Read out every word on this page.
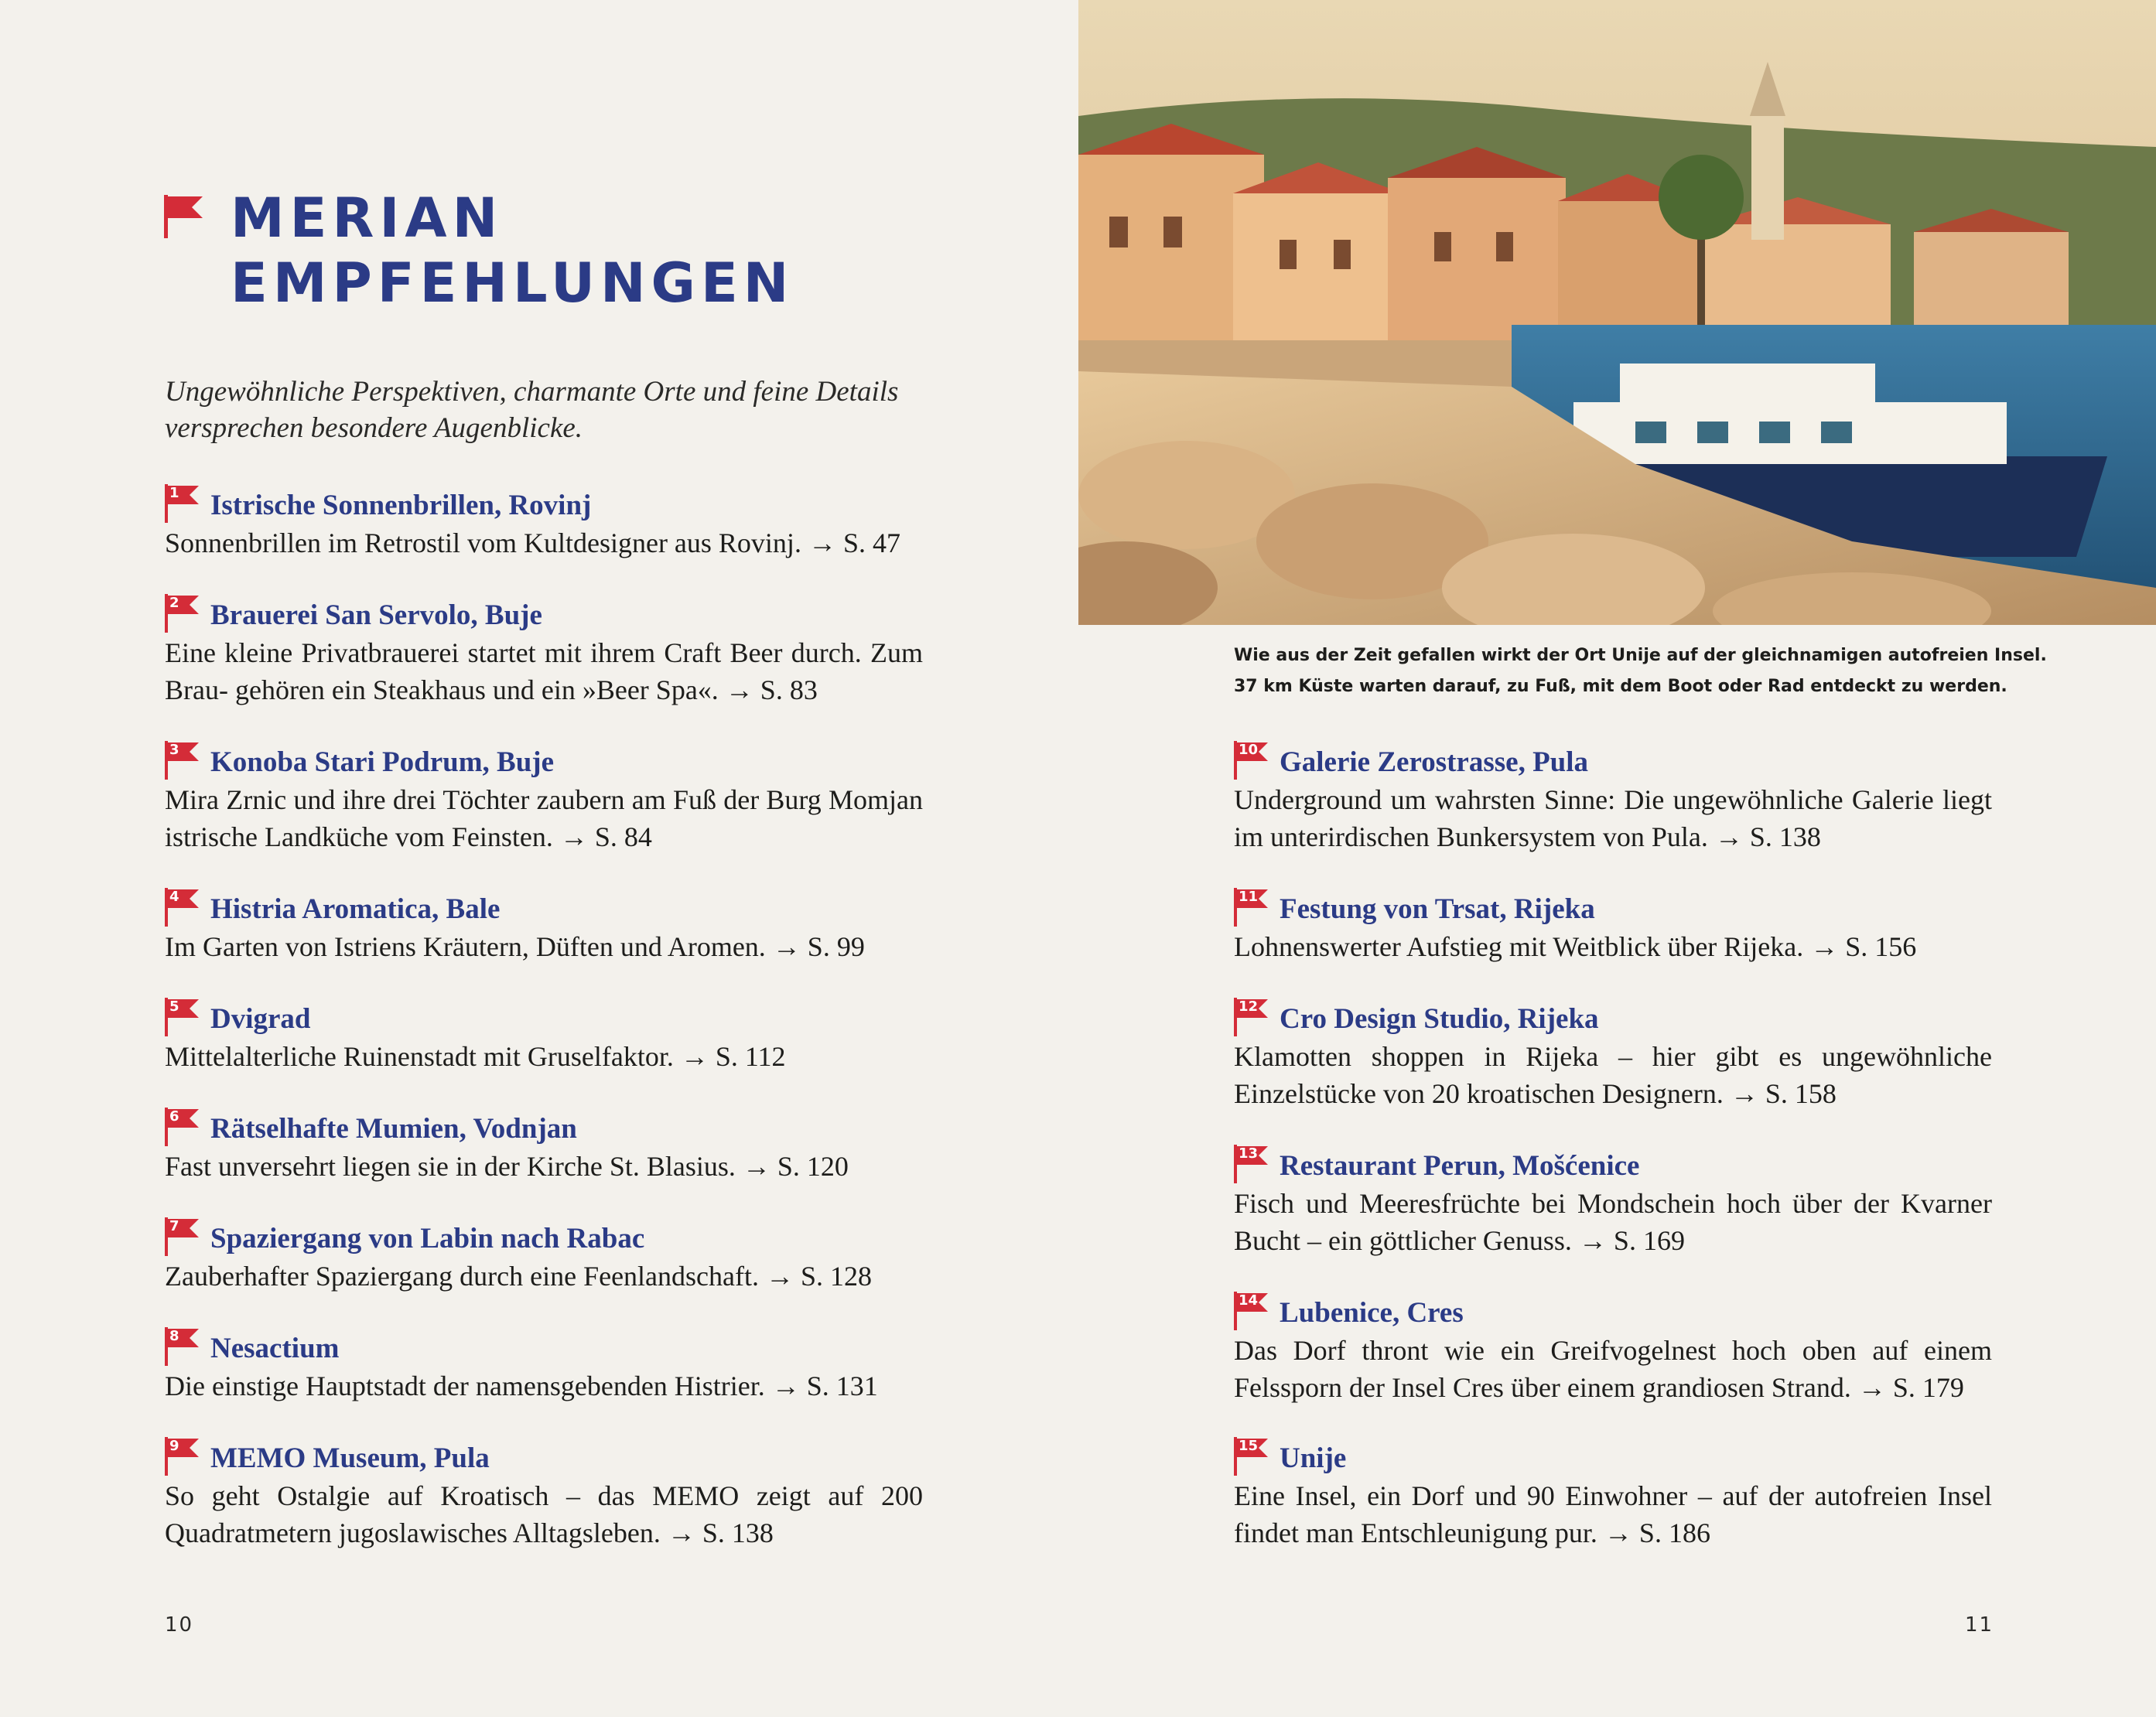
MERIAN
EMPFEHLUNGEN
Ungewöhnliche Perspektiven, charmante Orte und feine Details
versprechen besondere Augenblicke.
1 Istrische Sonnenbrillen, Rovinj
Sonnenbrillen im Retrostil vom Kultdesigner aus Rovinj. → S. 47
2 Brauerei San Servolo, Buje
Eine kleine Privatbrauerei startet mit ihrem Craft Beer durch. Zum Brau- gehören ein Steakhaus und ein »Beer Spa«. → S. 83
3 Konoba Stari Podrum, Buje
Mira Zrnic und ihre drei Töchter zaubern am Fuß der Burg Momjan istrische Landküche vom Feinsten. → S. 84
4 Histria Aromatica, Bale
Im Garten von Istriens Kräutern, Düften und Aromen. → S. 99
5 Dvigrad
Mittelalterliche Ruinenstadt mit Gruselfaktor. → S. 112
6 Rätselhafte Mumien, Vodnjan
Fast unversehrt liegen sie in der Kirche St. Blasius. → S. 120
7 Spaziergang von Labin nach Rabac
Zauberhafter Spaziergang durch eine Feenlandschaft. → S. 128
8 Nesactium
Die einstige Hauptstadt der namensgebenden Histrier. → S. 131
9 MEMO Museum, Pula
So geht Ostalgie auf Kroatisch – das MEMO zeigt auf 200 Quadratmetern jugoslawisches Alltagsleben. → S. 138
10
Wie aus der Zeit gefallen wirkt der Ort Unije auf der gleichnamigen autofreien Insel.
37 km Küste warten darauf, zu Fuß, mit dem Boot oder Rad entdeckt zu werden.
10 Galerie Zerostrasse, Pula
Underground um wahrsten Sinne: Die ungewöhnliche Galerie liegt im unterirdischen Bunkersystem von Pula. → S. 138
11 Festung von Trsat, Rijeka
Lohnenswerter Aufstieg mit Weitblick über Rijeka. → S. 156
12 Cro Design Studio, Rijeka
Klamotten shoppen in Rijeka – hier gibt es ungewöhnliche Einzelstücke von 20 kroatischen Designern. → S. 158
13 Restaurant Perun, Mošćenice
Fisch und Meeresfrüchte bei Mondschein hoch über der Kvarner Bucht – ein göttlicher Genuss. → S. 169
14 Lubenice, Cres
Das Dorf thront wie ein Greifvogelnest hoch oben auf einem Felssporn der Insel Cres über einem grandiosen Strand. → S. 179
15 Unije
Eine Insel, ein Dorf und 90 Einwohner – auf der autofreien Insel findet man Entschleunigung pur. → S. 186
11
